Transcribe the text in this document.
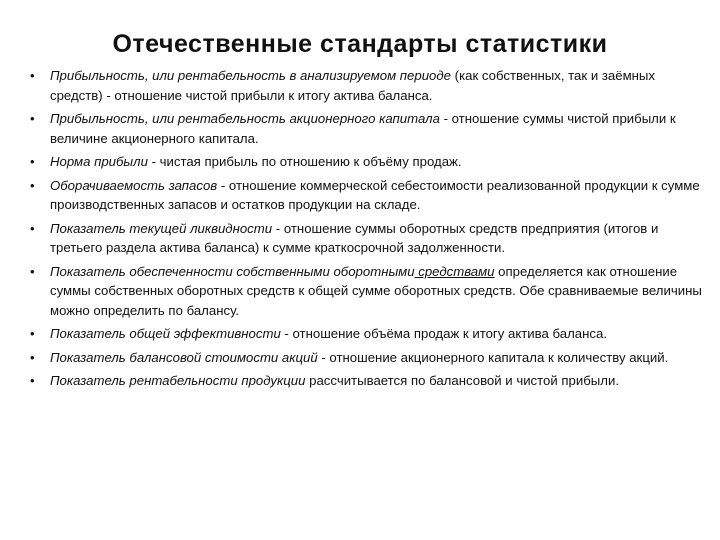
Отечественные стандарты статистики
• Прибыльность, или рентабельность в анализируемом периоде (как собственных, так и заёмных средств) - отношение чистой прибыли к итогу актива баланса.
• Прибыльность, или рентабельность акционерного капитала - отношение суммы чистой прибыли к величине акционерного капитала.
• Норма прибыли - чистая прибыль по отношению к объёму продаж.
• Оборачиваемость запасов - отношение коммерческой себестоимости реализованной продукции к сумме производственных запасов и остатков продукции на складе.
• Показатель текущей ликвидности - отношение суммы оборотных средств предприятия (итогов и третьего раздела актива баланса) к сумме краткосрочной задолженности.
• Показатель обеспеченности собственными оборотными средствами определяется как отношение суммы собственных оборотных средств к общей сумме оборотных средств. Обе сравниваемые величины можно определить по балансу.
• Показатель общей эффективности - отношение объёма продаж к итогу актива баланса.
• Показатель балансовой стоимости акций - отношение акционерного капитала к количеству акций.
• Показатель рентабельности продукции рассчитывается по балансовой и чистой прибыли.
